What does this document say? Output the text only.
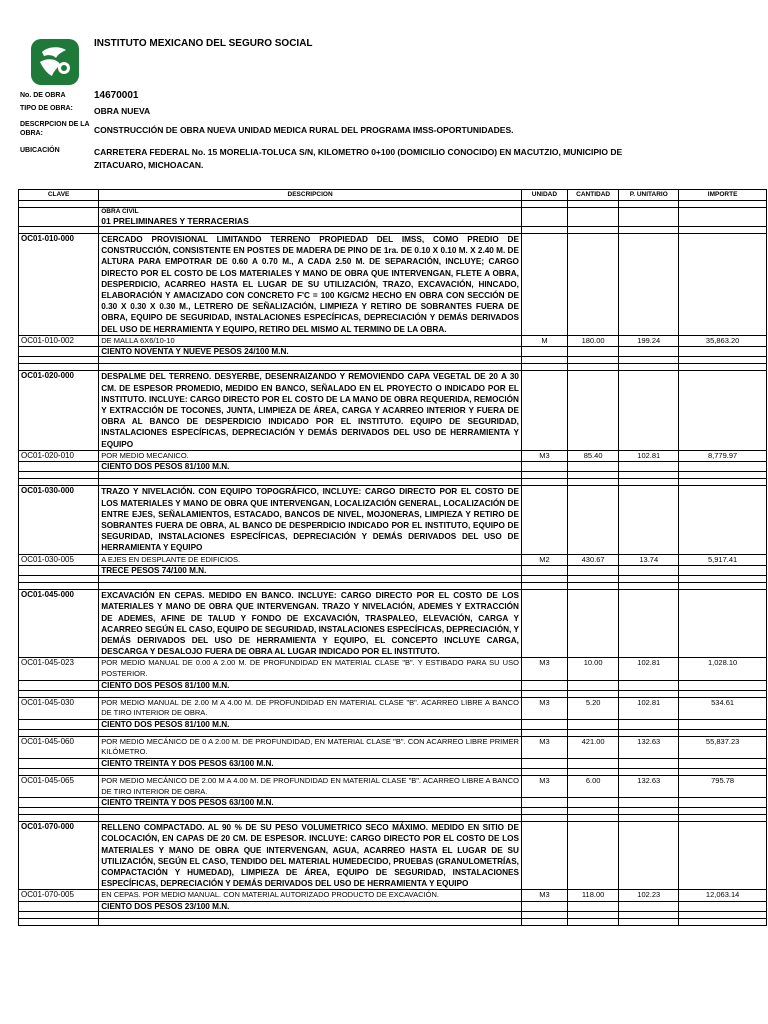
INSTITUTO MEXICANO DEL SEGURO SOCIAL
No. DE OBRA	14670001
TIPO DE OBRA:	OBRA NUEVA
DESCRPCION DE LA OBRA:	CONSTRUCCIÓN DE OBRA NUEVA UNIDAD MEDICA RURAL DEL PROGRAMA IMSS-OPORTUNIDADES.
UBICACIÓN	CARRETERA FEDERAL No. 15 MORELIA-TOLUCA S/N, KILOMETRO 0+100 (DOMICILIO CONOCIDO) EN MACUTZIO, MUNICIPIO DE ZITACUARO, MICHOACAN.
CLAVE	DESCRIPCION	UNIDAD	CANTIDAD	P. UNITARIO	IMPORTE

	OBRA CIVIL
01 PRELIMINARES Y TERRACERIAS				

OC01-010-000	CERCADO PROVISIONAL LIMITANDO TERRENO PROPIEDAD DEL IMSS, COMO PREDIO DE CONSTRUCCIÓN, CONSISTENTE EN POSTES DE MADERA DE PINO DE 1ra. DE 0.10 X 0.10 M. X 2.40 M. DE ALTURA PARA EMPOTRAR DE 0.60 A 0.70 M., A CADA 2.50 M. DE SEPARACIÓN, INCLUYE; CARGO DIRECTO POR EL COSTO DE LOS MATERIALES Y MANO DE OBRA QUE INTERVENGAN, FLETE A OBRA, DESPERDICIO, ACARREO HASTA EL LUGAR DE SU UTILIZACIÓN, TRAZO, EXCAVACIÓN, HINCADO, ELABORACIÓN Y AMACIZADO CON CONCRETO F'C = 100 KG/CM2 HECHO EN OBRA CON SECCIÓN DE 0.30 X 0.30 X 0.30 M., LETRERO DE SEÑALIZACIÓN, LIMPIEZA Y RETIRO DE SOBRANTES FUERA DE OBRA, EQUIPO DE SEGURIDAD, INSTALACIONES ESPECÍFICAS, DEPRECIACIÓN Y DEMÁS DERIVADOS DEL USO DE HERRAMIENTA Y EQUIPO, RETIRO DEL MISMO AL TERMINO DE LA OBRA.				
OC01-010-002	DE MALLA 6X6/10-10	M	180.00	199.24	35,863.20
	CIENTO NOVENTA Y NUEVE PESOS 24/100 M.N.				

OC01-020-000	DESPALME DEL TERRENO. DESYERBE, DESENRAIZANDO Y REMOVIENDO CAPA VEGETAL DE 20 A 30 CM. DE ESPESOR PROMEDIO, MEDIDO EN BANCO, SEÑALADO EN EL PROYECTO O INDICADO POR EL INSTITUTO. INCLUYE: CARGO DIRECTO POR EL COSTO DE LA MANO DE OBRA REQUERIDA, REMOCIÓN Y EXTRACCIÓN DE TOCONES, JUNTA, LIMPIEZA DE ÁREA, CARGA Y ACARREO INTERIOR Y FUERA DE OBRA AL BANCO DE DESPERDICIO INDICADO POR EL INSTITUTO. EQUIPO DE SEGURIDAD, INSTALACIONES ESPECÍFICAS, DEPRECIACIÓN Y DEMÁS DERIVADOS DEL USO DE HERRAMIENTA Y EQUIPO				
OC01-020-010	POR MEDIO MECANICO.	M3	85.40	102.81	8,779.97
	CIENTO DOS PESOS 81/100 M.N.				

OC01-030-000	TRAZO Y NIVELACIÓN. CON EQUIPO TOPOGRÁFICO, INCLUYE: CARGO DIRECTO POR EL COSTO DE LOS MATERIALES Y MANO DE OBRA QUE INTERVENGAN, LOCALIZACIÓN GENERAL, LOCALIZACIÓN DE ENTRE EJES, SEÑALAMIENTOS, ESTACADO, BANCOS DE NIVEL, MOJONERAS, LIMPIEZA Y RETIRO DE SOBRANTES FUERA DE OBRA, AL BANCO DE DESPERDICIO INDICADO POR EL INSTITUTO, EQUIPO DE SEGURIDAD, INSTALACIONES ESPECÍFICAS, DEPRECIACIÓN Y DEMÁS DERIVADOS DEL USO DE HERRAMIENTA Y EQUIPO				
OC01-030-005	A EJES EN DESPLANTE DE EDIFICIOS.	M2	430.67	13.74	5,917.41
	TRECE PESOS 74/100 M.N.				

OC01-045-000	EXCAVACIÓN EN CEPAS. MEDIDO EN BANCO. INCLUYE: CARGO DIRECTO POR EL COSTO DE LOS MATERIALES Y MANO DE OBRA QUE INTERVENGAN. TRAZO Y NIVELACIÓN, ADEMES Y EXTRACCIÓN DE ADEMES, AFINE DE TALUD Y FONDO DE EXCAVACIÓN, TRASPALEO, ELEVACIÓN, CARGA Y ACARREO SEGÚN EL CASO, EQUIPO DE SEGURIDAD, INSTALACIONES ESPECÍFICAS, DEPRECIACIÓN, Y DEMÁS DERIVADOS DEL USO DE HERRAMIENTA Y EQUIPO, EL CONCEPTO INCLUYE CARGA, DESCARGA Y DESALOJO FUERA DE OBRA AL LUGAR INDICADO POR EL INSTITUTO.				
OC01-045-023	POR MEDIO MANUAL DE 0.00 A 2.00 M. DE PROFUNDIDAD EN MATERIAL CLASE "B". Y ESTIBADO PARA SU USO POSTERIOR.	M3	10.00	102.81	1,028.10
	CIENTO DOS PESOS 81/100 M.N.				

OC01-045-030	POR MEDIO MANUAL DE 2.00 M A 4.00 M. DE PROFUNDIDAD EN MATERIAL CLASE "B". ACARREO LIBRE A BANCO DE TIRO INTERIOR DE OBRA.	M3	5.20	102.81	534.61
	CIENTO DOS PESOS 81/100 M.N.				

OC01-045-060	POR MEDIO MECÁNICO DE 0 A 2.00 M. DE PROFUNDIDAD, EN MATERIAL CLASE "B". CON ACARREO LIBRE PRIMER KILÓMETRO.	M3	421.00	132.63	55,837.23
	CIENTO TREINTA Y DOS PESOS 63/100 M.N.				

OC01-045-065	POR MEDIO MECÁNICO DE 2.00 M A 4.00 M. DE PROFUNDIDAD EN MATERIAL CLASE "B". ACARREO LIBRE A BANCO DE TIRO INTERIOR DE OBRA.	M3	6.00	132.63	795.78
	CIENTO TREINTA Y DOS PESOS 63/100 M.N.				

OC01-070-000	RELLENO COMPACTADO. AL 90 % DE SU PESO VOLUMETRICO SECO MÁXIMO. MEDIDO EN SITIO DE COLOCACIÓN, EN CAPAS DE 20 CM. DE ESPESOR. INCLUYE: CARGO DIRECTO POR EL COSTO DE LOS MATERIALES Y MANO DE OBRA QUE INTERVENGAN, AGUA, ACARREO HASTA EL LUGAR DE SU UTILIZACIÓN, SEGÚN EL CASO, TENDIDO DEL MATERIAL HUMEDECIDO, PRUEBAS (GRANULOMETRÍAS, COMPACTACIÓN Y HUMEDAD), LIMPIEZA DE ÁREA, EQUIPO DE SEGURIDAD, INSTALACIONES ESPECÍFICAS, DEPRECIACIÓN Y DEMÁS DERIVADOS DEL USO DE HERRAMIENTA Y EQUIPO				
OC01-070-005	EN CEPAS. POR MEDIO MANUAL. CON MATERIAL AUTORIZADO PRODUCTO DE EXCAVACIÓN.	M3	118.00	102.23	12,063.14
	CIENTO DOS PESOS 23/100 M.N.				
